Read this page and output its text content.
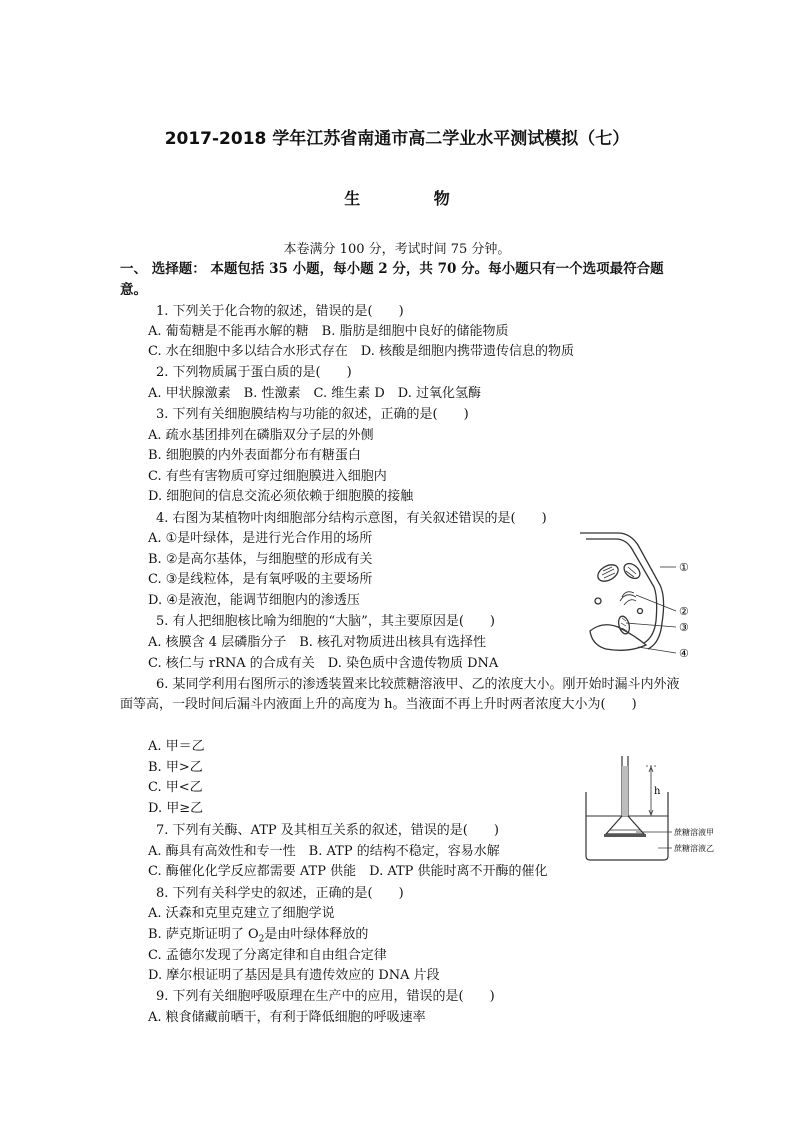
2017-2018 学年江苏省南通市高二学业水平测试模拟（七）
生 物
本卷满分 100 分，考试时间 75 分钟。
一、 选择题： 本题包括 35 小题，每小题 2 分，共 70 分。每小题只有一个选项最符合题意。
1. 下列关于化合物的叙述，错误的是(　　)
A. 葡萄糖是不能再水解的糖　B. 脂肪是细胞中良好的储能物质
C. 水在细胞中多以结合水形式存在　D. 核酸是细胞内携带遗传信息的物质
2. 下列物质属于蛋白质的是(　　)
A. 甲状腺激素　B. 性激素　C. 维生素 D　D. 过氧化氢酶
3. 下列有关细胞膜结构与功能的叙述，正确的是(　　)
A. 疏水基团排列在磷脂双分子层的外侧
B. 细胞膜的内外表面都分布有糖蛋白
C. 有些有害物质可穿过细胞膜进入细胞内
D. 细胞间的信息交流必须依赖于细胞膜的接触
4. 右图为某植物叶肉细胞部分结构示意图，有关叙述错误的是(　　)
A. ①是叶绿体，是进行光合作用的场所
B. ②是高尔基体，与细胞壁的形成有关
C. ③是线粒体，是有氧呼吸的主要场所
D. ④是液泡，能调节细胞内的渗透压
5. 有人把细胞核比喻为细胞的“大脑”，其主要原因是(　　)
A. 核膜含 4 层磷脂分子　B. 核孔对物质进出核具有选择性
C. 核仁与 rRNA 的合成有关　D. 染色质中含遗传物质 DNA
6. 某同学利用右图所示的渗透装置来比较蔗糖溶液甲、乙的浓度大小。刚开始时漏斗内外液面等高，一段时间后漏斗内液面上升的高度为 h。当液面不再上升时两者浓度大小为(　　)
A. 甲＝乙
B. 甲>乙
C. 甲<乙
D. 甲≥乙
7. 下列有关酶、ATP 及其相互关系的叙述，错误的是(　　)
A. 酶具有高效性和专一性　B. ATP 的结构不稳定，容易水解
C. 酶催化化学反应都需要 ATP 供能　D. ATP 供能时离不开酶的催化
8. 下列有关科学史的叙述，正确的是(　　)
A. 沃森和克里克建立了细胞学说
B. 萨克斯证明了 $O_2$是由叶绿体释放的
C. 孟德尔发现了分离定律和自由组合定律
D. 摩尔根证明了基因是具有遗传效应的 DNA 片段
9. 下列有关细胞呼吸原理在生产中的应用，错误的是(　　)
A. 粮食储藏前晒干，有利于降低细胞的呼吸速率
①
②
③
④
h
蔗糖溶液甲
蔗糖溶液乙
